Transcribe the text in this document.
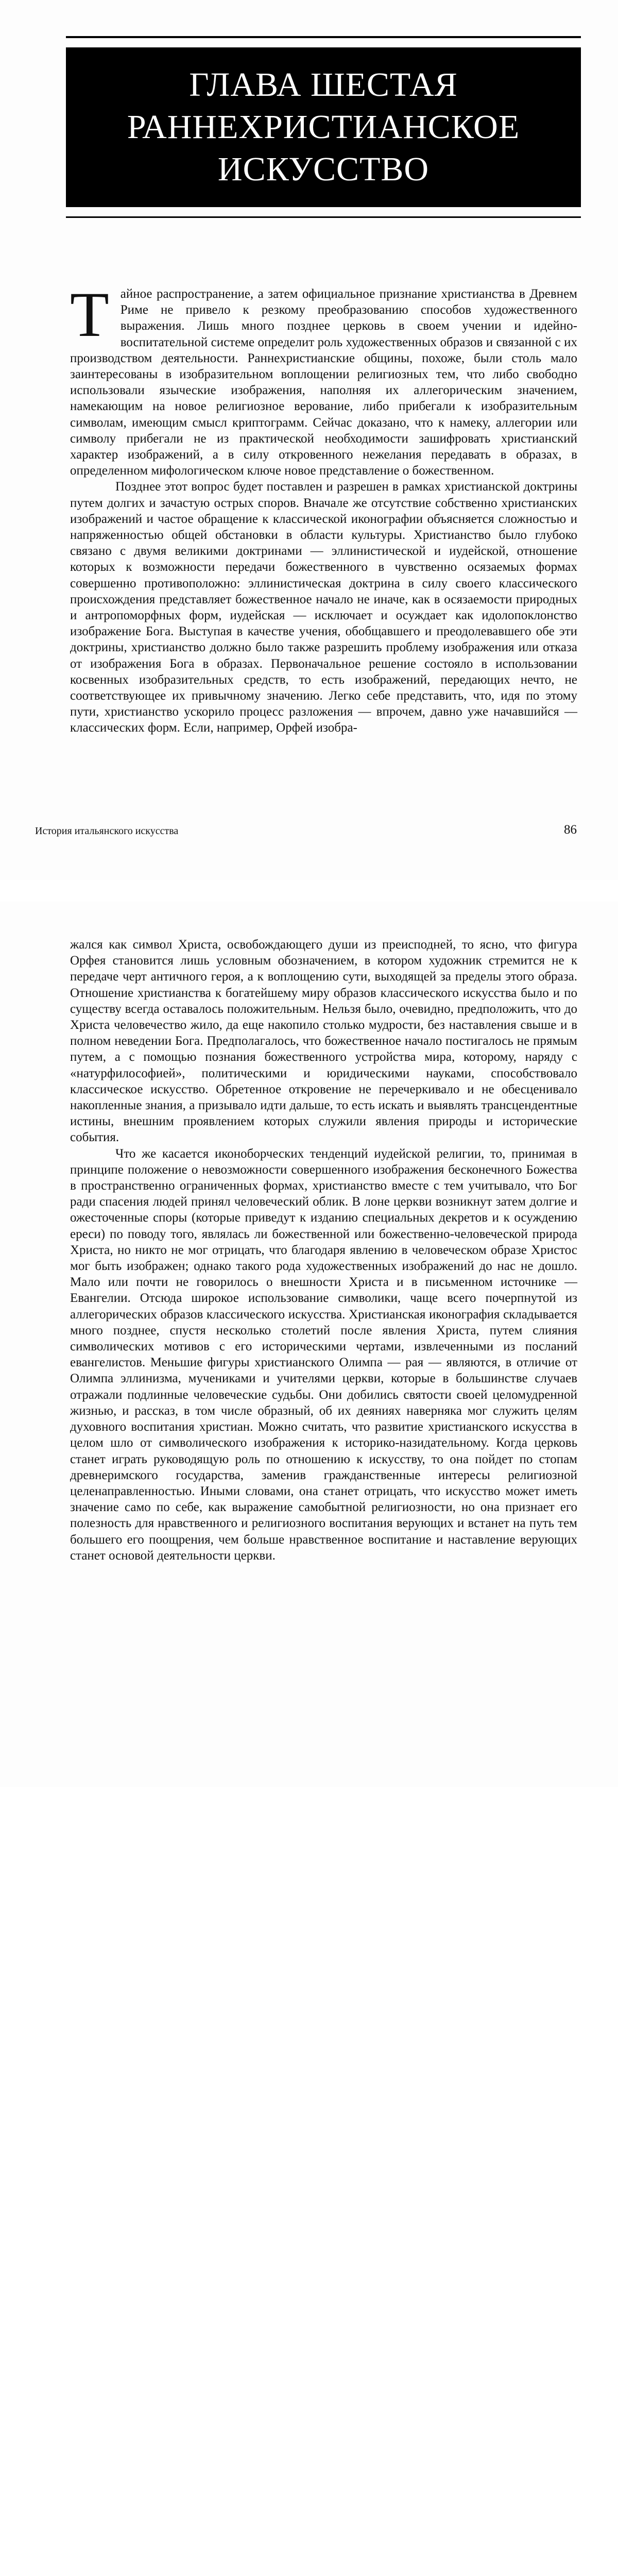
ГЛАВА ШЕСТАЯ
РАННЕХРИСТИАНСКОЕ
ИСКУССТВО

Тайное распространение, а затем официальное признание христианства в Древнем Риме не привело к резкому преобразованию способов художественного выражения. Лишь много позднее церковь в своем учении и идейно-воспитательной системе определит роль художественных образов и связанной с их производством деятельности. Раннехристианские общины, похоже, были столь мало заинтересованы в изобразительном воплощении религиозных тем, что либо свободно использовали языческие изображения, наполняя их аллегорическим значением, намекающим на новое религиозное верование, либо прибегали к изобразительным символам, имеющим смысл криптограмм. Сейчас доказано, что к намеку, аллегории или символу прибегали не из практической необходимости зашифровать христианский характер изображений, а в силу откровенного нежелания передавать в образах, в определенном мифологическом ключе новое представление о божественном.

Позднее этот вопрос будет поставлен и разрешен в рамках христианской доктрины путем долгих и зачастую острых споров. Вначале же отсутствие собственно христианских изображений и частое обращение к классической иконографии объясняется сложностью и напряженностью общей обстановки в области культуры. Христианство было глубоко связано с двумя великими доктринами — эллинистической и иудейской, отношение которых к возможности передачи божественного в чувственно осязаемых формах совершенно противоположно: эллинистическая доктрина в силу своего классического происхождения представляет божественное начало не иначе, как в осязаемости природных и антропоморфных форм, иудейская — исключает и осуждает как идолопоклонство изображение Бога. Выступая в качестве учения, обобщавшего и преодолевавшего обе эти доктрины, христианство должно было также разрешить проблему изображения или отказа от изображения Бога в образах. Первоначальное решение состояло в использовании косвенных изобразительных средств, то есть изображений, передающих нечто, не соответствующее их привычному значению. Легко себе представить, что, идя по этому пути, христианство ускорило процесс разложения — впрочем, давно уже начавшийся — классических форм. Если, например, Орфей изобра-

История итальянского искусства	86

жался как символ Христа, освобождающего души из преисподней, то ясно, что фигура Орфея становится лишь условным обозначением, в котором художник стремится не к передаче черт античного героя, а к воплощению сути, выходящей за пределы этого образа. Отношение христианства к богатейшему миру образов классического искусства было и по существу всегда оставалось положительным. Нельзя было, очевидно, предположить, что до Христа человечество жило, да еще накопило столько мудрости, без наставления свыше и в полном неведении Бога. Предполагалось, что божественное начало постигалось не прямым путем, а с помощью познания божественного устройства мира, которому, наряду с «натурфилософией», политическими и юридическими науками, способствовало классическое искусство. Обретенное откровение не перечеркивало и не обесценивало накопленные знания, а призывало идти дальше, то есть искать и выявлять трансцендентные истины, внешним проявлением которых служили явления природы и исторические события.

Что же касается иконоборческих тенденций иудейской религии, то, принимая в принципе положение о невозможности совершенного изображения бесконечного Божества в пространственно ограниченных формах, христианство вместе с тем учитывало, что Бог ради спасения людей принял человеческий облик. В лоне церкви возникнут затем долгие и ожесточенные споры (которые приведут к изданию специальных декретов и к осуждению ереси) по поводу того, являлась ли божественной или божественно-человеческой природа Христа, но никто не мог отрицать, что благодаря явлению в человеческом образе Христос мог быть изображен; однако такого рода художественных изображений до нас не дошло. Мало или почти не говорилось о внешности Христа и в письменном источнике — Евангелии. Отсюда широкое использование символики, чаще всего почерпнутой из аллегорических образов классического искусства. Христианская иконография складывается много позднее, спустя несколько столетий после явления Христа, путем слияния символических мотивов с его историческими чертами, извлеченными из посланий евангелистов. Меньшие фигуры христианского Олимпа — рая — являются, в отличие от Олимпа эллинизма, мучениками и учителями церкви, которые в большинстве случаев отражали подлинные человеческие судьбы. Они добились святости своей целомудренной жизнью, и рассказ, в том числе образный, об их деяниях наверняка мог служить целям духовного воспитания христиан. Можно считать, что развитие христианского искусства в целом шло от символического изображения к историко-назидательному. Когда церковь станет играть руководящую роль по отношению к искусству, то она пойдет по стопам древнеримского государства, заменив гражданственные интересы религиозной целенаправленностью. Иными словами, она станет отрицать, что искусство может иметь значение само по себе, как выражение самобытной религиозности, но она признает его полезность для нравственного и религиозного воспитания верующих и встанет на путь тем большего его поощрения, чем больше нравственное воспитание и наставление верующих станет основой деятельности церкви.
